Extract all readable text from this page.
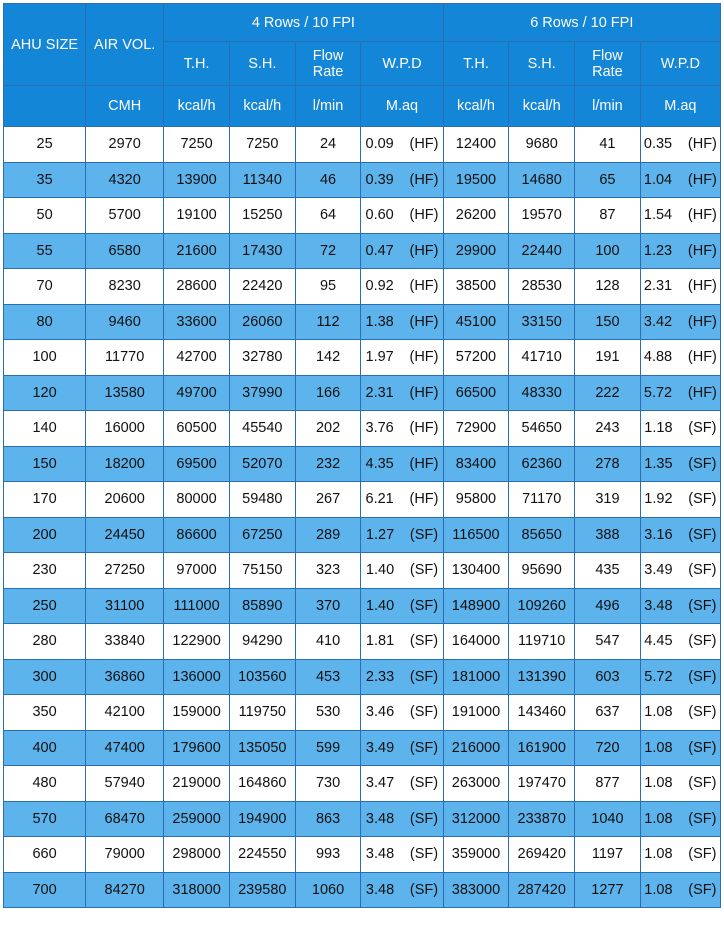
AHU SIZE	AIR VOL.	4 Rows / 10 FPI				6 Rows / 10 FPI			
		T.H.	S.H.	Flow Rate	W.P.D	T.H.	S.H.	Flow Rate	W.P.D
	CMH	kcal/h	kcal/h	l/min	M.aq	kcal/h	kcal/h	l/min	M.aq
25	2970	7250	7250	24	0.09 (HF)	12400	9680	41	0.35 (HF)
35	4320	13900	11340	46	0.39 (HF)	19500	14680	65	1.04 (HF)
50	5700	19100	15250	64	0.60 (HF)	26200	19570	87	1.54 (HF)
55	6580	21600	17430	72	0.47 (HF)	29900	22440	100	1.23 (HF)
70	8230	28600	22420	95	0.92 (HF)	38500	28530	128	2.31 (HF)
80	9460	33600	26060	112	1.38 (HF)	45100	33150	150	3.42 (HF)
100	11770	42700	32780	142	1.97 (HF)	57200	41710	191	4.88 (HF)
120	13580	49700	37990	166	2.31 (HF)	66500	48330	222	5.72 (HF)
140	16000	60500	45540	202	3.76 (HF)	72900	54650	243	1.18 (SF)
150	18200	69500	52070	232	4.35 (HF)	83400	62360	278	1.35 (SF)
170	20600	80000	59480	267	6.21 (HF)	95800	71170	319	1.92 (SF)
200	24450	86600	67250	289	1.27 (SF)	116500	85650	388	3.16 (SF)
230	27250	97000	75150	323	1.40 (SF)	130400	95690	435	3.49 (SF)
250	31100	111000	85890	370	1.40 (SF)	148900	109260	496	3.48 (SF)
280	33840	122900	94290	410	1.81 (SF)	164000	119710	547	4.45 (SF)
300	36860	136000	103560	453	2.33 (SF)	181000	131390	603	5.72 (SF)
350	42100	159000	119750	530	3.46 (SF)	191000	143460	637	1.08 (SF)
400	47400	179600	135050	599	3.49 (SF)	216000	161900	720	1.08 (SF)
480	57940	219000	164860	730	3.47 (SF)	263000	197470	877	1.08 (SF)
570	68470	259000	194900	863	3.48 (SF)	312000	233870	1040	1.08 (SF)
660	79000	298000	224550	993	3.48 (SF)	359000	269420	1197	1.08 (SF)
700	84270	318000	239580	1060	3.48 (SF)	383000	287420	1277	1.08 (SF)
